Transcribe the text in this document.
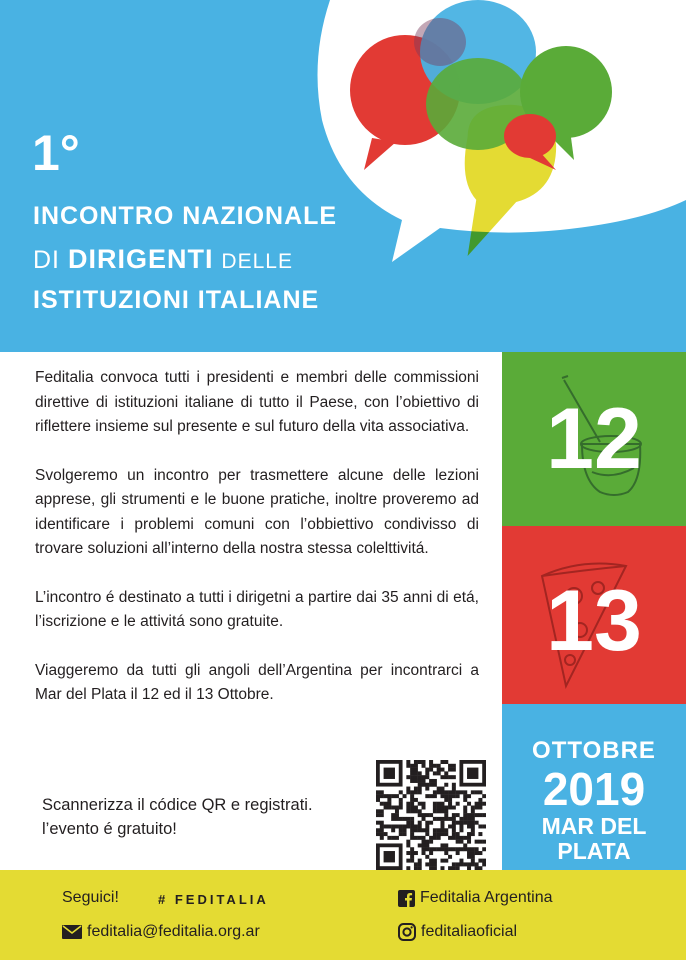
1°
INCONTRO NAZIONALE
DI DIRIGENTI DELLE
ISTITUZIONI ITALIANE

Feditalia convoca tutti i presidenti e membri delle commissioni direttive di istituzioni italiane di tutto il Paese, con l’obiettivo di riflettere insieme sul presente e sul futuro della vita associativa.

Svolgeremo un incontro per trasmettere alcune delle lezioni apprese, gli strumenti e le buone pratiche, inoltre proveremo ad identificare i problemi comuni con l’obbiettivo condivisso di trovare soluzioni all’interno della nostra stessa colelttivitá.

L’incontro é destinato a tutti i dirigetni a partire dai 35 anni di etá, l’iscrizione e le attivitá sono gratuite.

Viaggeremo da tutti gli angoli dell’Argentina per incontrarci a Mar del Plata il 12 ed il 13 Ottobre.

12
13
OTTOBRE
2019
MAR DEL
PLATA
Scannerizza il códice QR e registrati.
l’evento é gratuito!
Seguici!	# FEDITALIA
feditalia@feditalia.org.ar
Feditalia Argentina
feditaliaoficial
